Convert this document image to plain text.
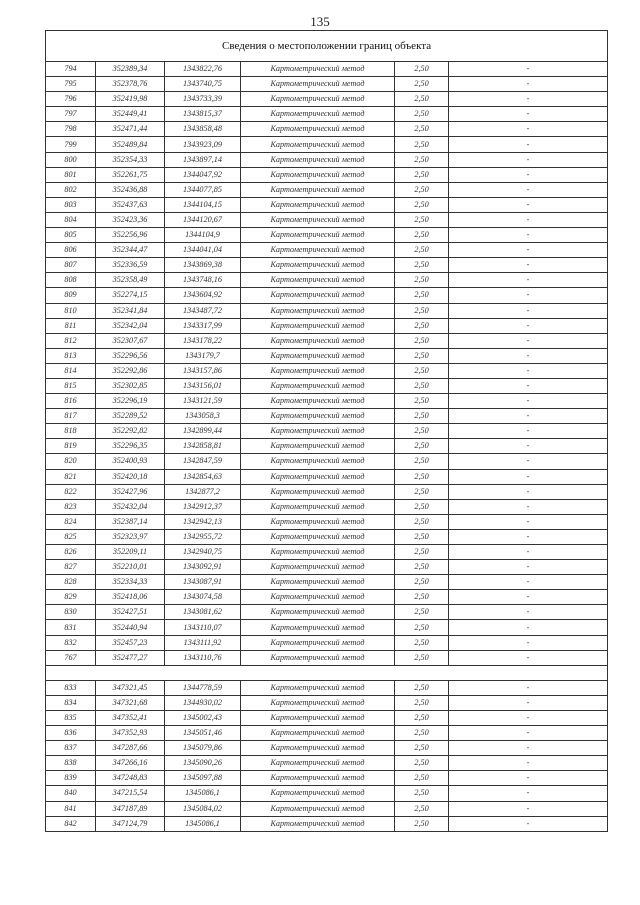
135
Сведения о местоположении границ объекта					
794	352389,34	1343822,76	Картометрический метод	2,50	-
795	352378,76	1343740,75	Картометрический метод	2,50	-
796	352419,98	1343733,39	Картометрический метод	2,50	-
797	352449,41	1343815,37	Картометрический метод	2,50	-
798	352471,44	1343858,48	Картометрический метод	2,50	-
799	352489,84	1343923,09	Картометрический метод	2,50	-
800	352354,33	1343897,14	Картометрический метод	2,50	-
801	352261,75	1344047,92	Картометрический метод	2,50	-
802	352436,88	1344077,85	Картометрический метод	2,50	-
803	352437,63	1344104,15	Картометрический метод	2,50	-
804	352423,36	1344120,67	Картометрический метод	2,50	-
805	352256,96	1344104,9	Картометрический метод	2,50	-
806	352344,47	1344041,04	Картометрический метод	2,50	-
807	352336,59	1343869,38	Картометрический метод	2,50	-
808	352358,49	1343748,16	Картометрический метод	2,50	-
809	352274,15	1343604,92	Картометрический метод	2,50	-
810	352341,84	1343487,72	Картометрический метод	2,50	-
811	352342,04	1343317,99	Картометрический метод	2,50	-
812	352307,67	1343178,22	Картометрический метод	2,50	-
813	352296,56	1343179,7	Картометрический метод	2,50	-
814	352292,86	1343157,86	Картометрический метод	2,50	-
815	352302,85	1343156,01	Картометрический метод	2,50	-
816	352296,19	1343121,59	Картометрический метод	2,50	-
817	352289,52	1343058,3	Картометрический метод	2,50	-
818	352292,82	1342899,44	Картометрический метод	2,50	-
819	352296,35	1342858,81	Картометрический метод	2,50	-
820	352400,93	1342847,59	Картометрический метод	2,50	-
821	352420,18	1342854,63	Картометрический метод	2,50	-
822	352427,96	1342877,2	Картометрический метод	2,50	-
823	352432,04	1342912,37	Картометрический метод	2,50	-
824	352387,14	1342942,13	Картометрический метод	2,50	-
825	352323,97	1342955,72	Картометрический метод	2,50	-
826	352209,11	1342940,75	Картометрический метод	2,50	-
827	352210,01	1343092,91	Картометрический метод	2,50	-
828	352334,33	1343087,91	Картометрический метод	2,50	-
829	352418,06	1343074,58	Картометрический метод	2,50	-
830	352427,51	1343081,62	Картометрический метод	2,50	-
831	352440,94	1343110,07	Картометрический метод	2,50	-
832	352457,23	1343111,92	Картометрический метод	2,50	-
767	352477,27	1343110,76	Картометрический метод	2,50	-

833	347321,45	1344778,59	Картометрический метод	2,50	-
834	347321,68	1344930,02	Картометрический метод	2,50	-
835	347352,41	1345002,43	Картометрический метод	2,50	-
836	347352,93	1345051,46	Картометрический метод	2,50	-
837	347287,66	1345079,86	Картометрический метод	2,50	-
838	347266,16	1345090,26	Картометрический метод	2,50	-
839	347248,83	1345097,88	Картометрический метод	2,50	-
840	347215,54	1345086,1	Картометрический метод	2,50	-
841	347187,89	1345084,02	Картометрический метод	2,50	-
842	347124,79	1345086,1	Картометрический метод	2,50	-
